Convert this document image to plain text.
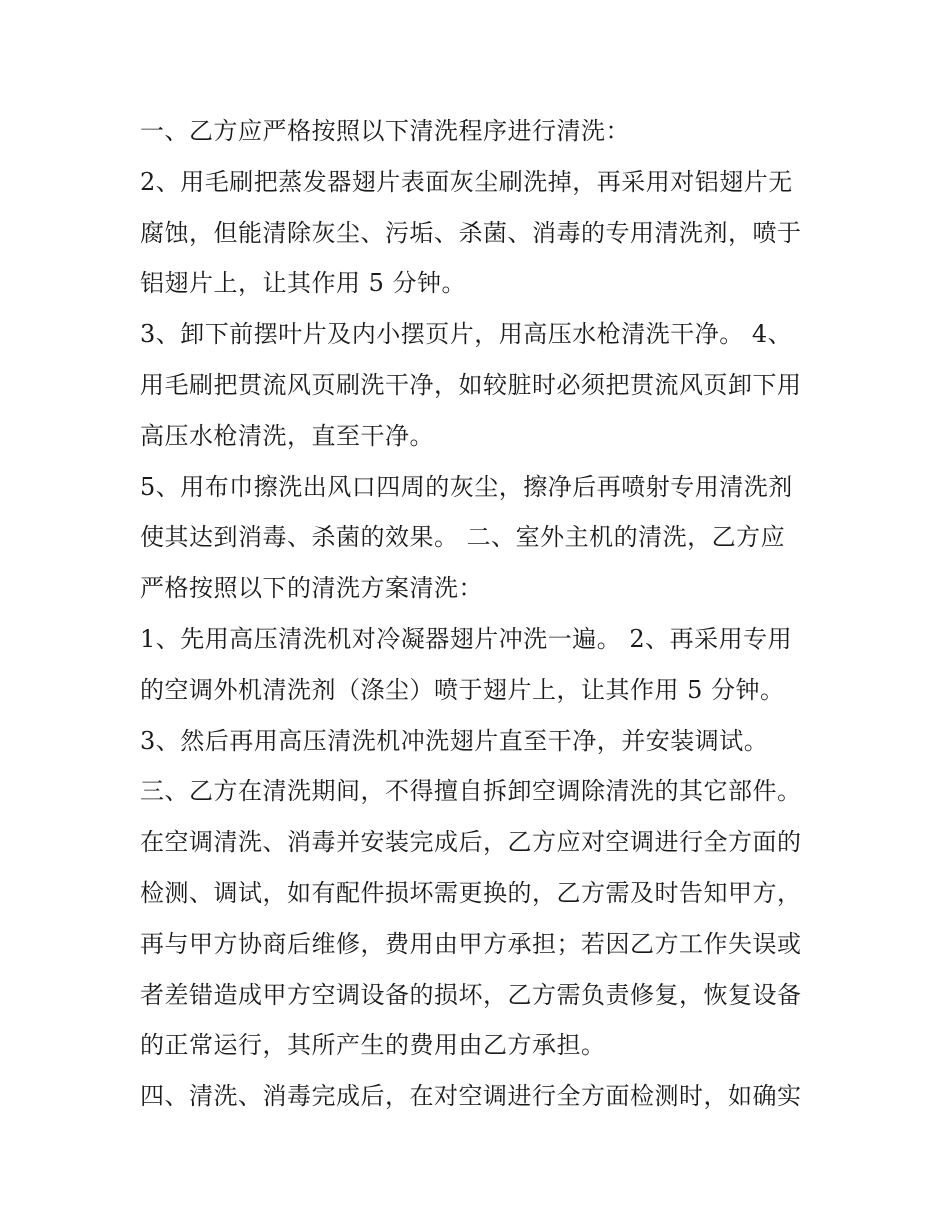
一、乙方应严格按照以下清洗程序进行清洗：
2、用毛刷把蒸发器翅片表面灰尘刷洗掉，再采用对铝翅片无
腐蚀，但能清除灰尘、污垢、杀菌、消毒的专用清洗剂，喷于
铝翅片上，让其作用 5 分钟。
3、卸下前摆叶片及内小摆页片，用高压水枪清洗干净。 4、
用毛刷把贯流风页刷洗干净，如较脏时必须把贯流风页卸下用
高压水枪清洗，直至干净。
5、用布巾擦洗出风口四周的灰尘，擦净后再喷射专用清洗剂
使其达到消毒、杀菌的效果。 二、室外主机的清洗，乙方应
严格按照以下的清洗方案清洗：
1、先用高压清洗机对冷凝器翅片冲洗一遍。 2、再采用专用
的空调外机清洗剂（涤尘）喷于翅片上，让其作用 5 分钟。
3、然后再用高压清洗机冲洗翅片直至干净，并安装调试。
三、乙方在清洗期间，不得擅自拆卸空调除清洗的其它部件。
在空调清洗、消毒并安装完成后，乙方应对空调进行全方面的
检测、调试，如有配件损坏需更换的，乙方需及时告知甲方，
再与甲方协商后维修，费用由甲方承担；若因乙方工作失误或
者差错造成甲方空调设备的损坏，乙方需负责修复，恢复设备
的正常运行，其所产生的费用由乙方承担。
四、清洗、消毒完成后，在对空调进行全方面检测时，如确实
